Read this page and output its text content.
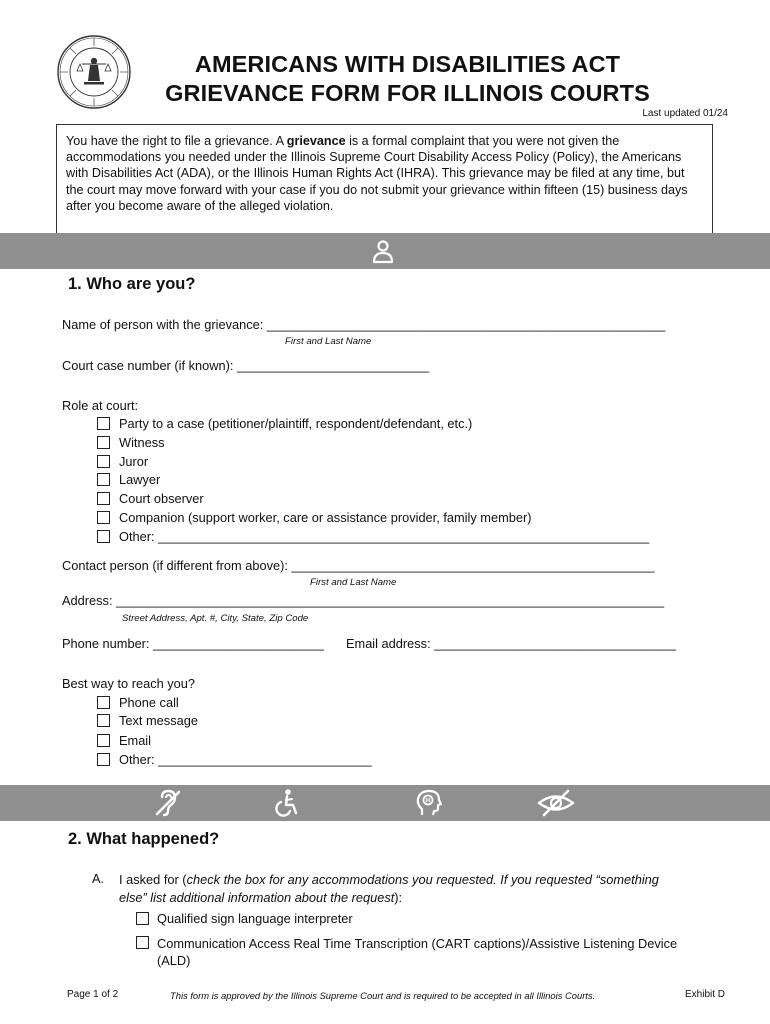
AMERICANS WITH DISABILITIES ACT
GRIEVANCE FORM FOR ILLINOIS COURTS
Last updated 01/24
You have the right to file a grievance. A grievance is a formal complaint that you were not given the accommodations you needed under the Illinois Supreme Court Disability Access Policy (Policy), the Americans with Disabilities Act (ADA), or the Illinois Human Rights Act (IHRA). This grievance may be filed at any time, but the court may move forward with your case if you do not submit your grievance within fifteen (15) business days after you become aware of the alleged violation.
1. Who are you?
Name of person with the grievance: ________________________________________________________
First and Last Name
Court case number (if known): ___________________________
Role at court:
Party to a case (petitioner/plaintiff, respondent/defendant, etc.)
Witness
Juror
Lawyer
Court observer
Companion (support worker, care or assistance provider, family member)
Other: _____________________________________________________________________
Contact person (if different from above): ___________________________________________________
First and Last Name
Address: _____________________________________________________________________________
Street Address, Apt. #, City, State, Zip Code
Phone number: ________________________ Email address: __________________________________
Best way to reach you?
Phone call
Text message
Email
Other: ______________________________
2. What happened?
A. I asked for (check the box for any accommodations you requested. If you requested “something else” list additional information about the request):
Qualified sign language interpreter
Communication Access Real Time Transcription (CART captions)/Assistive Listening Device (ALD)
Page 1 of 2	This form is approved by the Illinois Supreme Court and is required to be accepted in all Illinois Courts.	Exhibit D
